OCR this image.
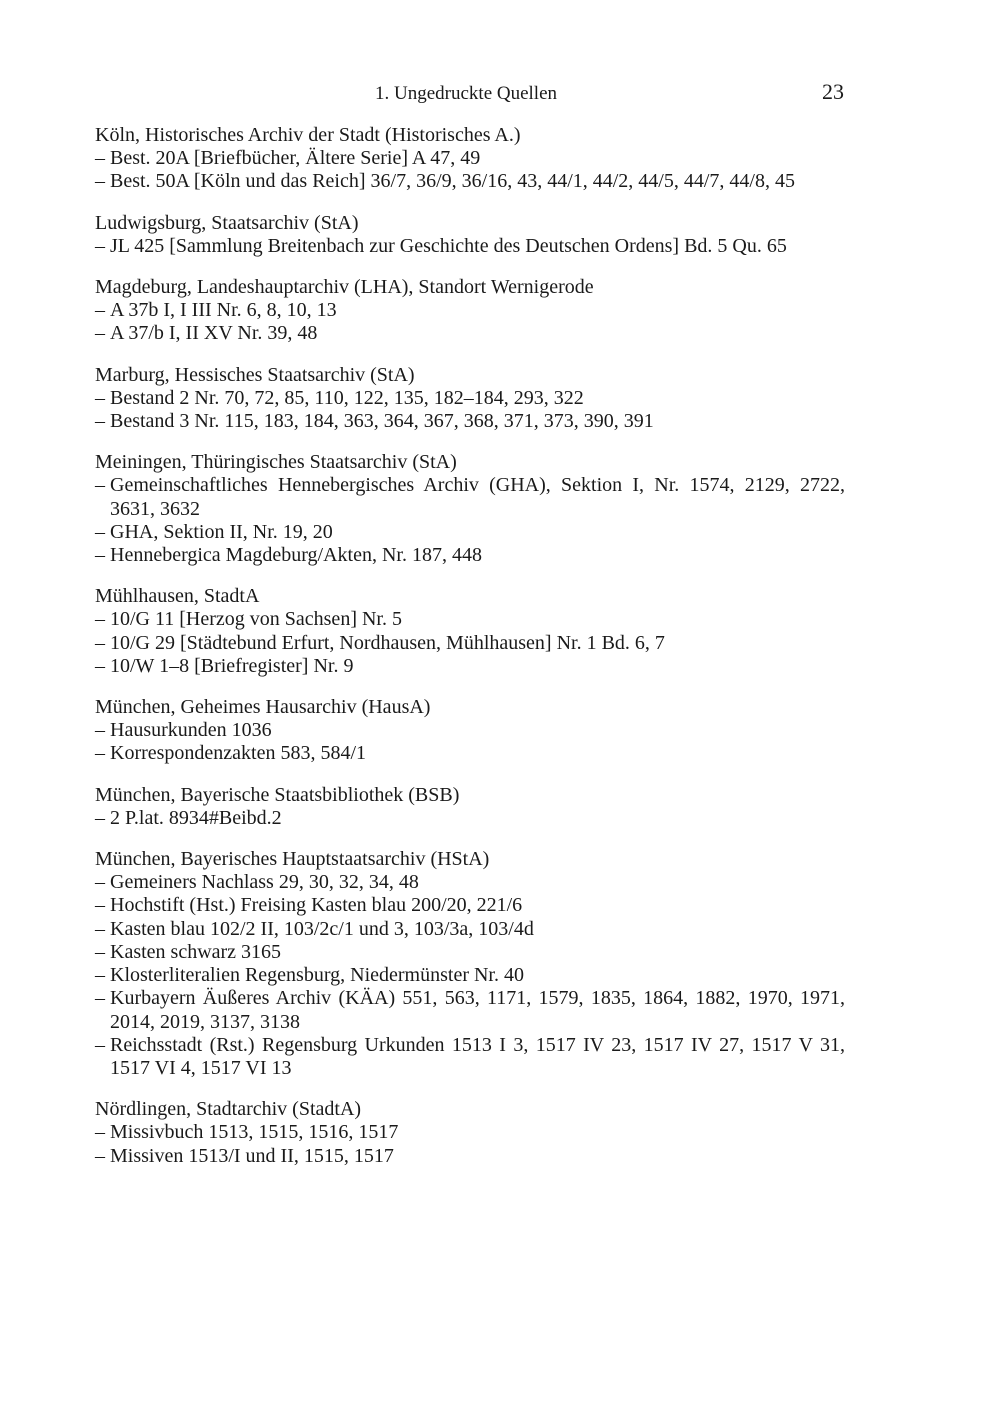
1. Ungedruckte Quellen	23
Köln, Historisches Archiv der Stadt (Historisches A.)
– Best. 20A [Briefbücher, Ältere Serie] A 47, 49
– Best. 50A [Köln und das Reich] 36/7, 36/9, 36/16, 43, 44/1, 44/2, 44/5, 44/7, 44/8, 45
Ludwigsburg, Staatsarchiv (StA)
– JL 425 [Sammlung Breitenbach zur Geschichte des Deutschen Ordens] Bd. 5 Qu. 65
Magdeburg, Landeshauptarchiv (LHA), Standort Wernigerode
– A 37b I, I III Nr. 6, 8, 10, 13
– A 37/b I, II XV Nr. 39, 48
Marburg, Hessisches Staatsarchiv (StA)
– Bestand 2 Nr. 70, 72, 85, 110, 122, 135, 182–184, 293, 322
– Bestand 3 Nr. 115, 183, 184, 363, 364, 367, 368, 371, 373, 390, 391
Meiningen, Thüringisches Staatsarchiv (StA)
– Gemeinschaftliches Hennebergisches Archiv (GHA), Sektion I, Nr. 1574, 2129, 2722, 3631, 3632
– GHA, Sektion II, Nr. 19, 20
– Hennebergica Magdeburg/Akten, Nr. 187, 448
Mühlhausen, StadtA
– 10/G 11 [Herzog von Sachsen] Nr. 5
– 10/G 29 [Städtebund Erfurt, Nordhausen, Mühlhausen] Nr. 1 Bd. 6, 7
– 10/W 1–8 [Briefregister] Nr. 9
München, Geheimes Hausarchiv (HausA)
– Hausurkunden 1036
– Korrespondenzakten 583, 584/1
München, Bayerische Staatsbibliothek (BSB)
– 2 P.lat. 8934#Beibd.2
München, Bayerisches Hauptstaatsarchiv (HStA)
– Gemeiners Nachlass 29, 30, 32, 34, 48
– Hochstift (Hst.) Freising Kasten blau 200/20, 221/6
– Kasten blau 102/2 II, 103/2c/1 und 3, 103/3a, 103/4d
– Kasten schwarz 3165
– Klosterliteralien Regensburg, Niedermünster Nr. 40
– Kurbayern Äußeres Archiv (KÄA) 551, 563, 1171, 1579, 1835, 1864, 1882, 1970, 1971, 2014, 2019, 3137, 3138
– Reichsstadt (Rst.) Regensburg Urkunden 1513 I 3, 1517 IV 23, 1517 IV 27, 1517 V 31, 1517 VI 4, 1517 VI 13
Nördlingen, Stadtarchiv (StadtA)
– Missivbuch 1513, 1515, 1516, 1517
– Missiven 1513/I und II, 1515, 1517
